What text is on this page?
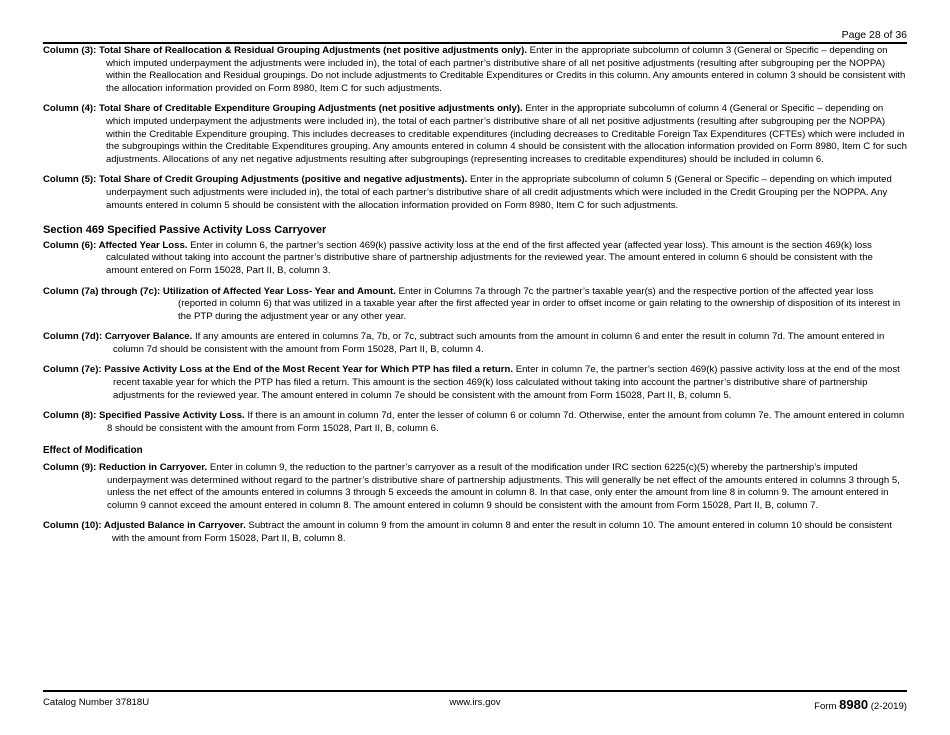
Page 28 of 36

Column (3): Total Share of Reallocation & Residual Grouping Adjustments (net positive adjustments only). Enter in the appropriate subcolumn of column 3 (General or Specific – depending on which imputed underpayment the adjustments were included in), the total of each partner’s distributive share of all net positive adjustments (resulting after subgrouping per the NOPPA) within the Reallocation and Residual groupings. Do not include adjustments to Creditable Expenditures or Credits in this column. Any amounts entered in column 3 should be consistent with the allocation information provided on Form 8980, Item C for such adjustments.

Column (4): Total Share of Creditable Expenditure Grouping Adjustments (net positive adjustments only). Enter in the appropriate subcolumn of column 4 (General or Specific – depending on which imputed underpayment the adjustments were included in), the total of each partner’s distributive share of all net positive adjustments (resulting after subgrouping per the NOPPA) within the Creditable Expenditure grouping. This includes decreases to creditable expenditures (including decreases to Creditable Foreign Tax Expenditures (CFTEs) which were included in the subgroupings within the Creditable Expenditures grouping. Any amounts entered in column 4 should be consistent with the allocation information provided on Form 8980, Item C for such adjustments. Allocations of any net negative adjustments resulting after subgroupings (representing increases to creditable expenditures) should be included in column 6.

Column (5): Total Share of Credit Grouping Adjustments (positive and negative adjustments). Enter in the appropriate subcolumn of column 5 (General or Specific – depending on which imputed underpayment such adjustments were included in), the total of each partner’s distributive share of all credit adjustments which were included in the Credit Grouping per the NOPPA. Any amounts entered in column 5 should be consistent with the allocation information provided on Form 8980, Item C for such adjustments.

Section 469 Specified Passive Activity Loss Carryover

Column (6): Affected Year Loss. Enter in column 6, the partner’s section 469(k) passive activity loss at the end of the first affected year (affected year loss). This amount is the section 469(k) loss calculated without taking into account the partner’s distributive share of partnership adjustments for the reviewed year. The amount entered in column 6 should be consistent with the amount entered on Form 15028, Part II, B, column 3.

Column (7a) through (7c): Utilization of Affected Year Loss- Year and Amount. Enter in Columns 7a through 7c the partner’s taxable year(s) and the respective portion of the affected year loss (reported in column 6) that was utilized in a taxable year after the first affected year in order to offset income or gain relating to the ownership of disposition of its interest in the PTP during the adjustment year or any other year.

Column (7d): Carryover Balance. If any amounts are entered in columns 7a, 7b, or 7c, subtract such amounts from the amount in column 6 and enter the result in column 7d. The amount entered in column 7d should be consistent with the amount from Form 15028, Part II, B, column 4.

Column (7e): Passive Activity Loss at the End of the Most Recent Year for Which PTP has filed a return. Enter in column 7e, the partner’s section 469(k) passive activity loss at the end of the most recent taxable year for which the PTP has filed a return. This amount is the section 469(k) loss calculated without taking into account the partner’s distributive share of partnership adjustments for the reviewed year. The amount entered in column 7e should be consistent with the amount from Form 15028, Part II, B, column 5.

Column (8): Specified Passive Activity Loss. If there is an amount in column 7d, enter the lesser of column 6 or column 7d. Otherwise, enter the amount from column 7e. The amount entered in column 8 should be consistent with the amount from Form 15028, Part II, B, column 6.

Effect of Modification

Column (9): Reduction in Carryover. Enter in column 9, the reduction to the partner’s carryover as a result of the modification under IRC section 6225(c)(5) whereby the partnership’s imputed underpayment was determined without regard to the partner’s distributive share of partnership adjustments. This will generally be net effect of the amounts entered in columns 3 through 5, unless the net effect of the amounts entered in columns 3 through 5 exceeds the amount in column 8. In that case, only enter the amount from line 8 in column 9. The amount entered in column 9 cannot exceed the amount entered in column 8. The amount entered in column 9 should be consistent with the amount from Form 15028, Part II, B, column 7.

Column (10): Adjusted Balance in Carryover. Subtract the amount in column 9 from the amount in column 8 and enter the result in column 10. The amount entered in column 10 should be consistent with the amount from Form 15028, Part II, B, column 8.

Catalog Number 37818U	www.irs.gov	Form 8980 (2-2019)
